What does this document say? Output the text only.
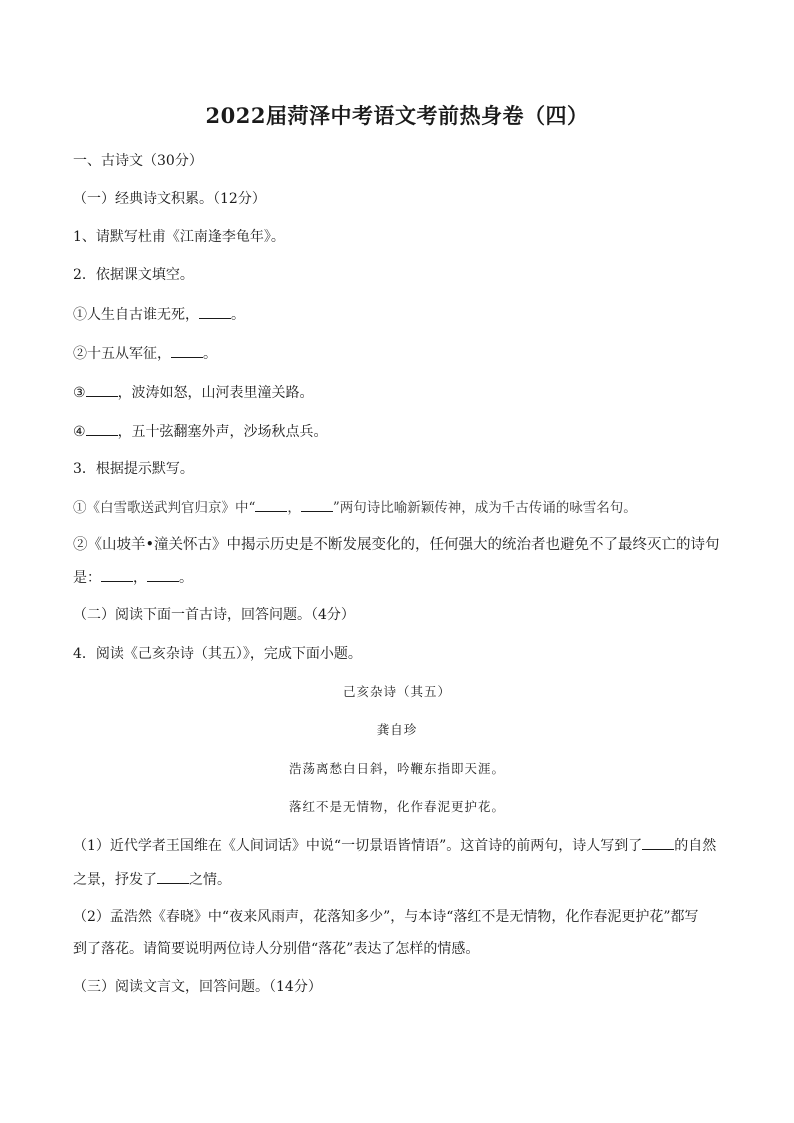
2022届菏泽中考语文考前热身卷（四）
一、古诗文（30分）
（一）经典诗文积累。（12分）
1、请默写杜甫《江南逢李龟年》。
2．依据课文填空。
①人生自古谁无死， 。
②十五从军征， 。
③ ，波涛如怒，山河表里潼关路。
④ ，五十弦翻塞外声，沙场秋点兵。
3．根据提示默写。
①《白雪歌送武判官归京》中“ ， ”两句诗比喻新颖传神，成为千古传诵的咏雪名句。
②《山坡羊•潼关怀古》中揭示历史是不断发展变化的，任何强大的统治者也避免不了最终灭亡的诗句
是： ， 。
（二）阅读下面一首古诗，回答问题。（4分）
4．阅读《己亥杂诗（其五）》，完成下面小题。
己亥杂诗（其五）
龚自珍
浩荡离愁白日斜，吟鞭东指即天涯。
落红不是无情物，化作春泥更护花。
（1）近代学者王国维在《人间词话》中说“一切景语皆情语”。这首诗的前两句，诗人写到了 的自然
之景，抒发了 之情。
（2）孟浩然《春晓》中“夜来风雨声，花落知多少”，与本诗“落红不是无情物，化作春泥更护花”都写
到了落花。请简要说明两位诗人分别借“落花”表达了怎样的情感。
（三）阅读文言文，回答问题。（14分）
